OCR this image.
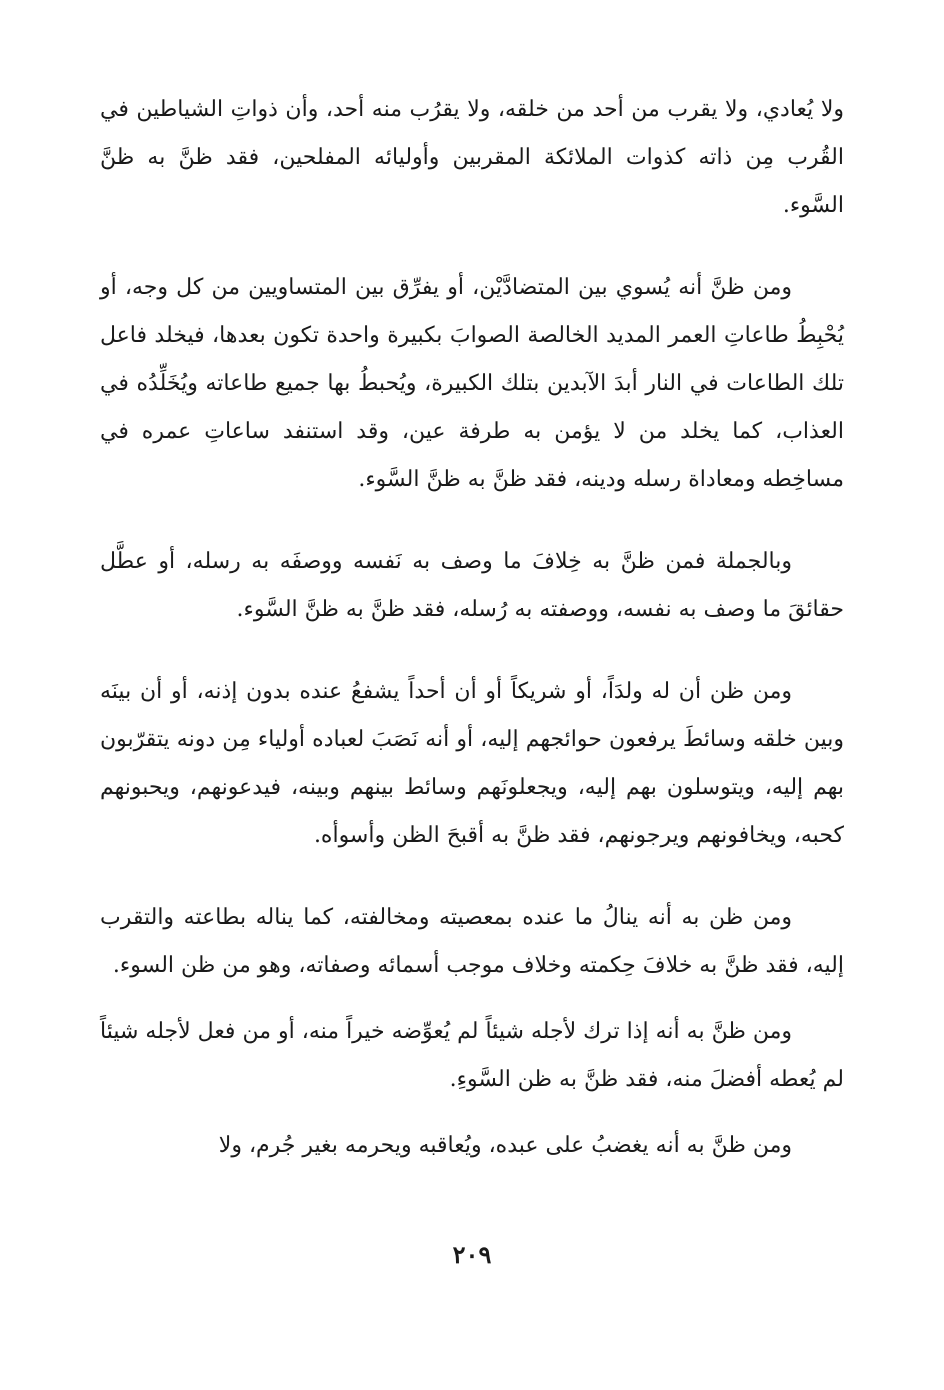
ولا يُعادي، ولا يقرب من أحد من خلقه، ولا يقرُب منه أحد، وأن ذواتِ الشياطين في القُرب مِن ذاته كذوات الملائكة المقربين وأوليائه المفلحين، فقد ظنَّ به ظنَّ السَّوء.

ومن ظنَّ أنه يُسوي بين المتضادَّيْن، أو يفرِّق بين المتساويين من كل وجه، أو يُحْبِطُ طاعاتِ العمر المديد الخالصة الصوابَ بكبيرة واحدة تكون بعدها، فيخلد فاعل تلك الطاعات في النار أبدَ الآبدين بتلك الكبيرة، ويُحبطُ بها جميع طاعاته ويُخَلِّدُه في العذاب، كما يخلد من لا يؤمن به طرفة عين، وقد استنفد ساعاتِ عمره في مساخِطه ومعاداة رسله ودينه، فقد ظنَّ به ظنَّ السَّوء.

وبالجملة فمن ظنَّ به خِلافَ ما وصف به نَفسه ووصفَه به رسله، أو عطَّل حقائقَ ما وصف به نفسه، ووصفته به رُسله، فقد ظنَّ به ظنَّ السَّوء.

ومن ظن أن له ولدَاً، أو شريكاً أو أن أحداً يشفعُ عنده بدون إذنه، أو أن بينَه وبين خلقه وسائطَ يرفعون حوائجهم إليه، أو أنه نَصَبَ لعباده أولياء مِن دونه يتقرّبون بهم إليه، ويتوسلون بهم إليه، ويجعلونَهم وسائط بينهم وبينه، فيدعونهم، ويحبونهم كحبه، ويخافونهم ويرجونهم، فقد ظنَّ به أقبحَ الظن وأسوأه.

ومن ظن به أنه ينالُ ما عنده بمعصيته ومخالفته، كما يناله بطاعته والتقرب إليه، فقد ظنَّ به خلافَ حِكمته وخلاف موجب أسمائه وصفاته، وهو من ظن السوء.

ومن ظنَّ به أنه إذا ترك لأجله شيئاً لم يُعوِّضه خيراً منه، أو من فعل لأجله شيئاً لم يُعطه أفضلَ منه، فقد ظنَّ به ظن السَّوءِ.

ومن ظنَّ به أنه يغضبُ على عبده، ويُعاقبه ويحرمه بغير جُرم، ولا

٢٠٩
